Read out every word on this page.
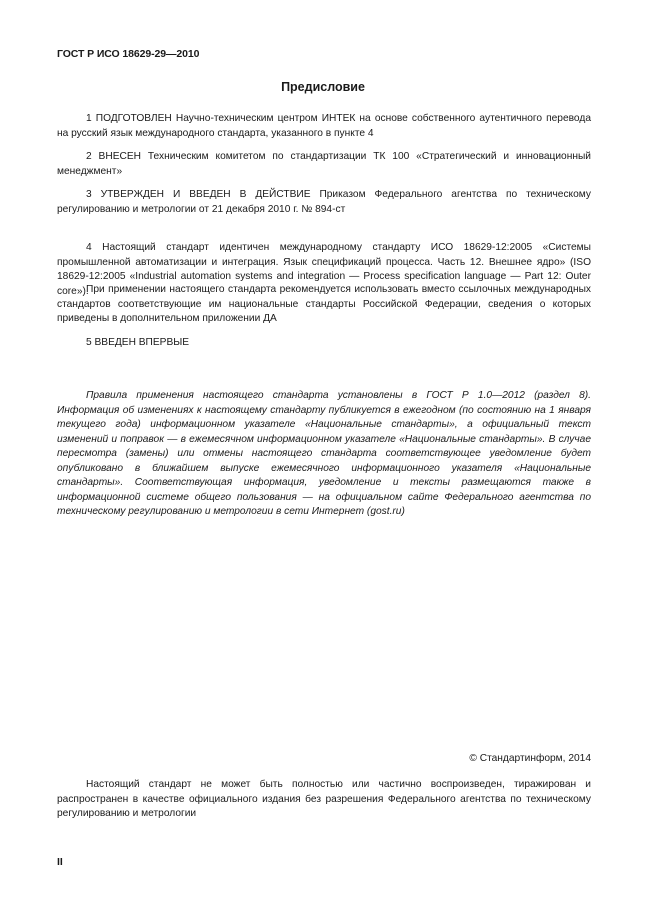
ГОСТ Р ИСО 18629-29—2010
Предисловие
1 ПОДГОТОВЛЕН Научно-техническим центром ИНТЕК на основе собственного аутентичного перевода на русский язык международного стандарта, указанного в пункте 4
2 ВНЕСЕН Техническим комитетом по стандартизации ТК 100 «Стратегический и инновационный менеджмент»
3 УТВЕРЖДЕН И ВВЕДЕН В ДЕЙСТВИЕ Приказом Федерального агентства по техническому регулированию и метрологии от 21 декабря 2010 г. № 894-ст
4 Настоящий стандарт идентичен международному стандарту ИСО 18629-12:2005 «Системы промышленной автоматизации и интеграция. Язык спецификаций процесса. Часть 12. Внешнее ядро» (ISO 18629-12:2005 «Industrial automation systems and integration — Process specification language — Part 12: Outer core»).
При применении настоящего стандарта рекомендуется использовать вместо ссылочных международных стандартов соответствующие им национальные стандарты Российской Федерации, сведения о которых приведены в дополнительном приложении ДА
5 ВВЕДЕН ВПЕРВЫЕ
Правила применения настоящего стандарта установлены в ГОСТ Р 1.0—2012 (раздел 8). Информация об изменениях к настоящему стандарту публикуется в ежегодном (по состоянию на 1 января текущего года) информационном указателе «Национальные стандарты», а официальный текст изменений и поправок — в ежемесячном информационном указателе «Национальные стандарты». В случае пересмотра (замены) или отмены настоящего стандарта соответствующее уведомление будет опубликовано в ближайшем выпуске ежемесячного информационного указателя «Национальные стандарты». Соответствующая информация, уведомление и тексты размещаются также в информационной системе общего пользования — на официальном сайте Федерального агентства по техническому регулированию и метрологии в сети Интернет (gost.ru)
© Стандартинформ, 2014
Настоящий стандарт не может быть полностью или частично воспроизведен, тиражирован и распространен в качестве официального издания без разрешения Федерального агентства по техническому регулированию и метрологии
II
